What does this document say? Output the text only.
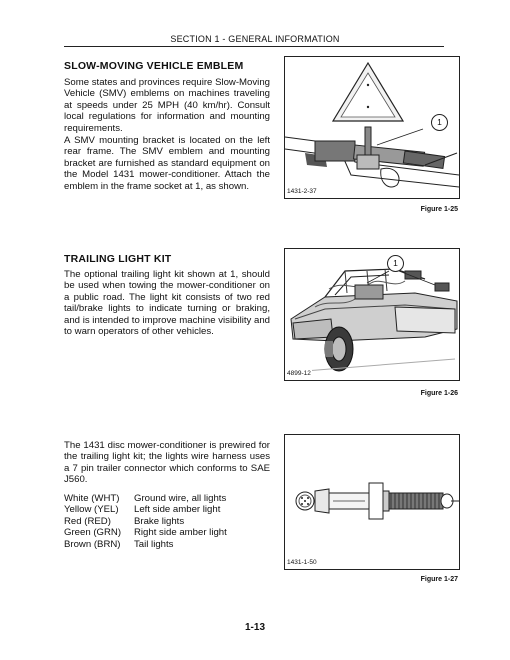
SECTION 1 - GENERAL INFORMATION
SLOW-MOVING VEHICLE EMBLEM
Some states and provinces require Slow-Moving Vehicle (SMV) emblems on machines traveling at speeds under 25 MPH (40 km/hr). Consult local regulations for information and mounting requirements.
A SMV mounting bracket is located on the left rear frame. The SMV emblem and mounting bracket are furnished as standard equipment on the Model 1431 mower-conditioner. Attach the emblem in the frame socket at 1, as shown.
1
1431-2-37
Figure 1-25
TRAILING LIGHT KIT
The optional trailing light kit shown at 1, should be used when towing the mower-conditioner on a public road. The light kit consists of two red tail/brake lights to indicate turning or braking, and is intended to improve machine visibility and to warn operators of other vehicles.
1
4899-12
Figure 1-26
The 1431 disc mower-conditioner is prewired for the trailing light kit; the lights wire harness uses a 7 pin trailer connector which conforms to SAE J560.
White (WHT) Ground wire, all lights
Yellow (YEL) Left side amber light
Red (RED) Brake lights
Green (GRN) Right side amber light
Brown (BRN) Tail lights
1431-1-50
Figure 1-27
1-13
